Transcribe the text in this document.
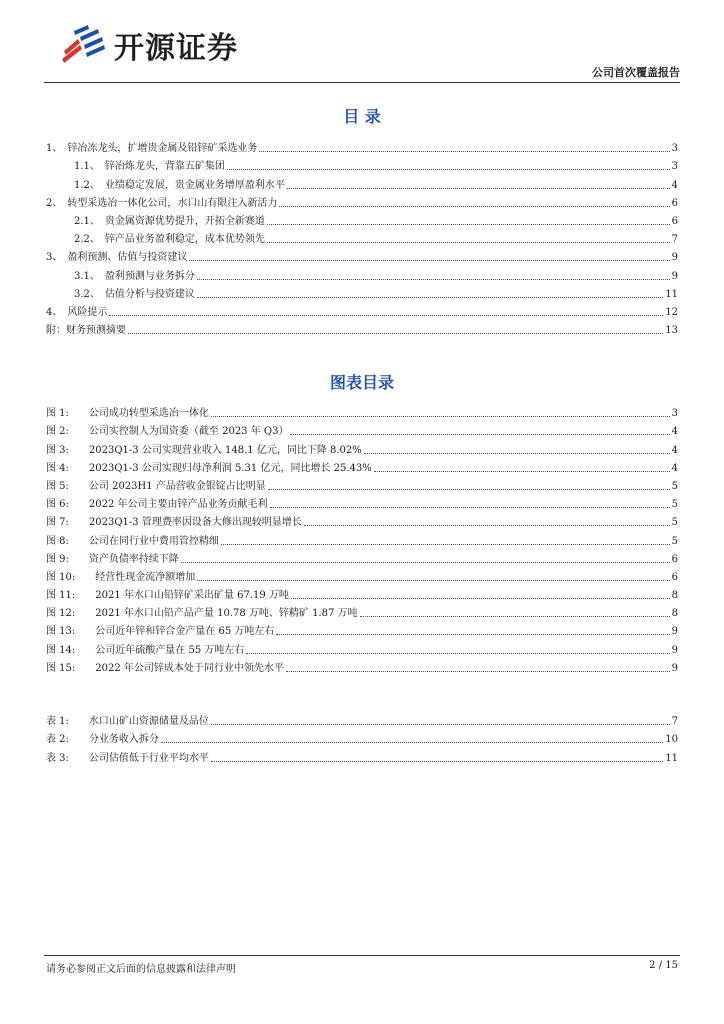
开源证券
公司首次覆盖报告
目 录
1、　锌冶冻龙头，扩增贵金属及铅锌矿采选业务	3
1.1、　锌冶炼龙头，背靠五矿集团	3
1.2、　业绩稳定发展，贵金属业务增厚盈利水平	4
2、　转型采选冶一体化公司，水口山有限注入新活力	6
2.1、　贵金属资源优势提升，开拓全新赛道	6
2.2、　锌产品业务盈利稳定，成本优势领先	7
3、　盈利预测、估值与投资建议	9
3.1、　盈利预测与业务拆分	9
3.2、　估值分析与投资建议	11
4、　风险提示	12
附：财务预测摘要	13
图表目录
图 1:　　公司成功转型采选冶一体化	3
图 2:　　公司实控制人为国资委（截至 2023 年 Q3）	4
图 3:　　2023Q1-3 公司实现营业收入 148.1 亿元，同比下降 8.02%	4
图 4:　　2023Q1-3 公司实现归母净利润 5.31 亿元，同比增长 25.43%	4
图 5:　　公司 2023H1 产品营收金银锭占比明显	5
图 6:　　2022 年公司主要由锌产品业务贡献毛利	5
图 7:　　2023Q1-3 管理费率因设备大修出现较明显增长	5
图 8:　　公司在同行业中费用管控精细	5
图 9:　　资产负债率持续下降	6
图 10:　　经营性现金流净额增加	6
图 11:　　2021 年水口山铅锌矿采出矿量 67.19 万吨	8
图 12:　　2021 年水口山铅产品产量 10.78 万吨、锌精矿 1.87 万吨	8
图 13:　　公司近年锌和锌合金产量在 65 万吨左右	9
图 14:　　公司近年硫酸产量在 55 万吨左右	9
图 15:　　2022 年公司锌成本处于同行业中领先水平	9
表 1:　　水口山矿山资源储量及品位	7
表 2:　　分业务收入拆分	10
表 3:　　公司估值低于行业平均水平	11
请务必参阅正文后面的信息披露和法律声明	2 / 15
